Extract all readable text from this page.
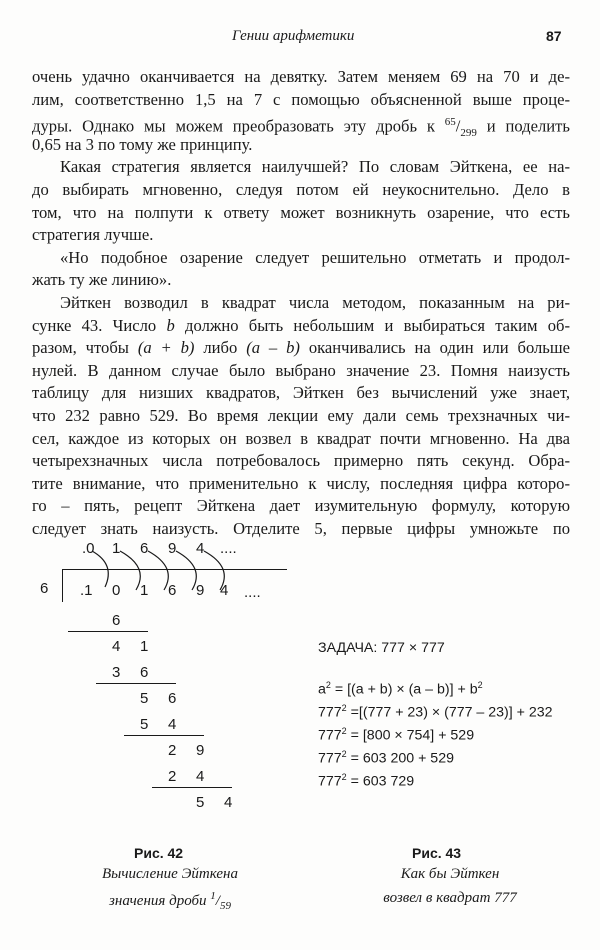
Гении арифметики	87
очень удачно оканчивается на девятку. Затем меняем 69 на 70 и де-
лим, соответственно 1,5 на 7 с помощью объясненной выше проце-
дуры. Однако мы можем преобразовать эту дробь к $^{65}/_{299}$ и поделить
0,65 на 3 по тому же принципу.
Какая стратегия является наилучшей? По словам Эйткена, ее на-
до выбирать мгновенно, следуя потом ей неукоснительно. Дело в
том, что на полпути к ответу может возникнуть озарение, что есть
стратегия лучше.
«Но подобное озарение следует решительно отметать и продол-
жать ту же линию».
Эйткен возводил в квадрат числа методом, показанным на ри-
сунке 43. Число b должно быть небольшим и выбираться таким об-
разом, чтобы (a + b) либо (a – b) оканчивались на один или больше
нулей. В данном случае было выбрано значение 23. Помня наизусть
таблицу для низших квадратов, Эйткен без вычислений уже знает,
что 232 равно 529. Во время лекции ему дали семь трехзначных чи-
сел, каждое из которых он возвел в квадрат почти мгновенно. На два
четырехзначных числа потребовалось примерно пять секунд. Обра-
тите внимание, что применительно к числу, последняя цифра которо-
го – пять, рецепт Эйткена дает изумительную формулу, которую
следует знать наизусть. Отделите 5, первые цифры умножьте по
.0 1 6 9 4 ....
6 .1 0 1 6 9 4 ....
6
4 1
3 6
5 6
5 4
2 9
2 4
5 4
ЗАДАЧА: 777 × 777
$a^2 = [(a + b) \times (a - b)] + b^2$
$777^2 =[(777 + 23) \times (777 - 23)] + 232$
$777^2 = [800 \times 754] + 529$
$777^2 = 603$ 200 + 529
$777^2 = 603$ 729
Рис. 42
Вычисление Эйткена
значения дроби $^1/_{59}$
Рис. 43
Как бы Эйткен
возвел в квадрат 777
